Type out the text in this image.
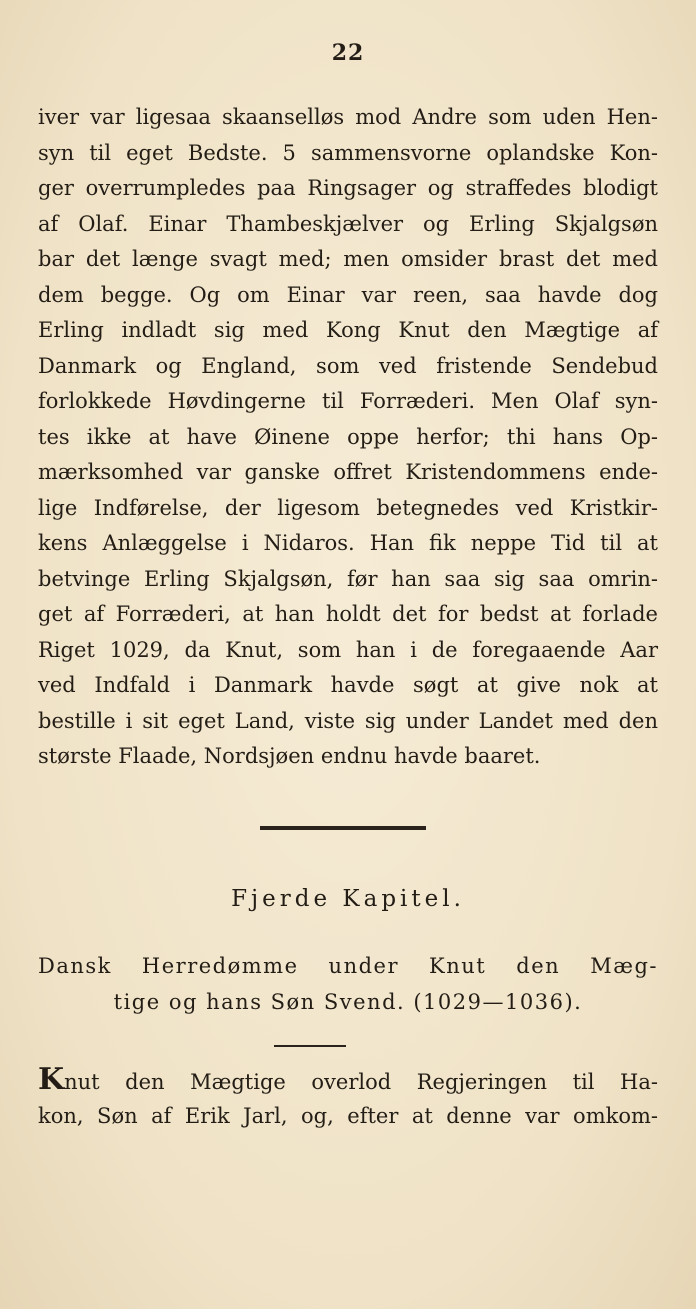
22
iver var ligesaa skaanselløs mod Andre som uden Hen-
syn til eget Bedste. 5 sammensvorne oplandske Kon-
ger overrumpledes paa Ringsager og straffedes blodigt
af Olaf. Einar Thambeskjælver og Erling Skjalgsøn
bar det længe svagt med; men omsider brast det med
dem begge. Og om Einar var reen, saa havde dog
Erling indladt sig med Kong Knut den Mægtige af
Danmark og England, som ved fristende Sendebud
forlokkede Høvdingerne til Forræderi. Men Olaf syn-
tes ikke at have Øinene oppe herfor; thi hans Op-
mærksomhed var ganske offret Kristendommens ende-
lige Indførelse, der ligesom betegnedes ved Kristkir-
kens Anlæggelse i Nidaros. Han fik neppe Tid til at
betvinge Erling Skjalgsøn, før han saa sig saa omrin-
get af Forræderi, at han holdt det for bedst at forlade
Riget 1029, da Knut, som han i de foregaaende Aar
ved Indfald i Danmark havde søgt at give nok at
bestille i sit eget Land, viste sig under Landet med den
største Flaade, Nordsjøen endnu havde baaret.
Fjerde Kapitel.
Dansk Herredømme under Knut den Mæg-
tige og hans Søn Svend. (1029—1036).
Knut den Mægtige overlod Regjeringen til Ha-
kon, Søn af Erik Jarl, og, efter at denne var omkom-
